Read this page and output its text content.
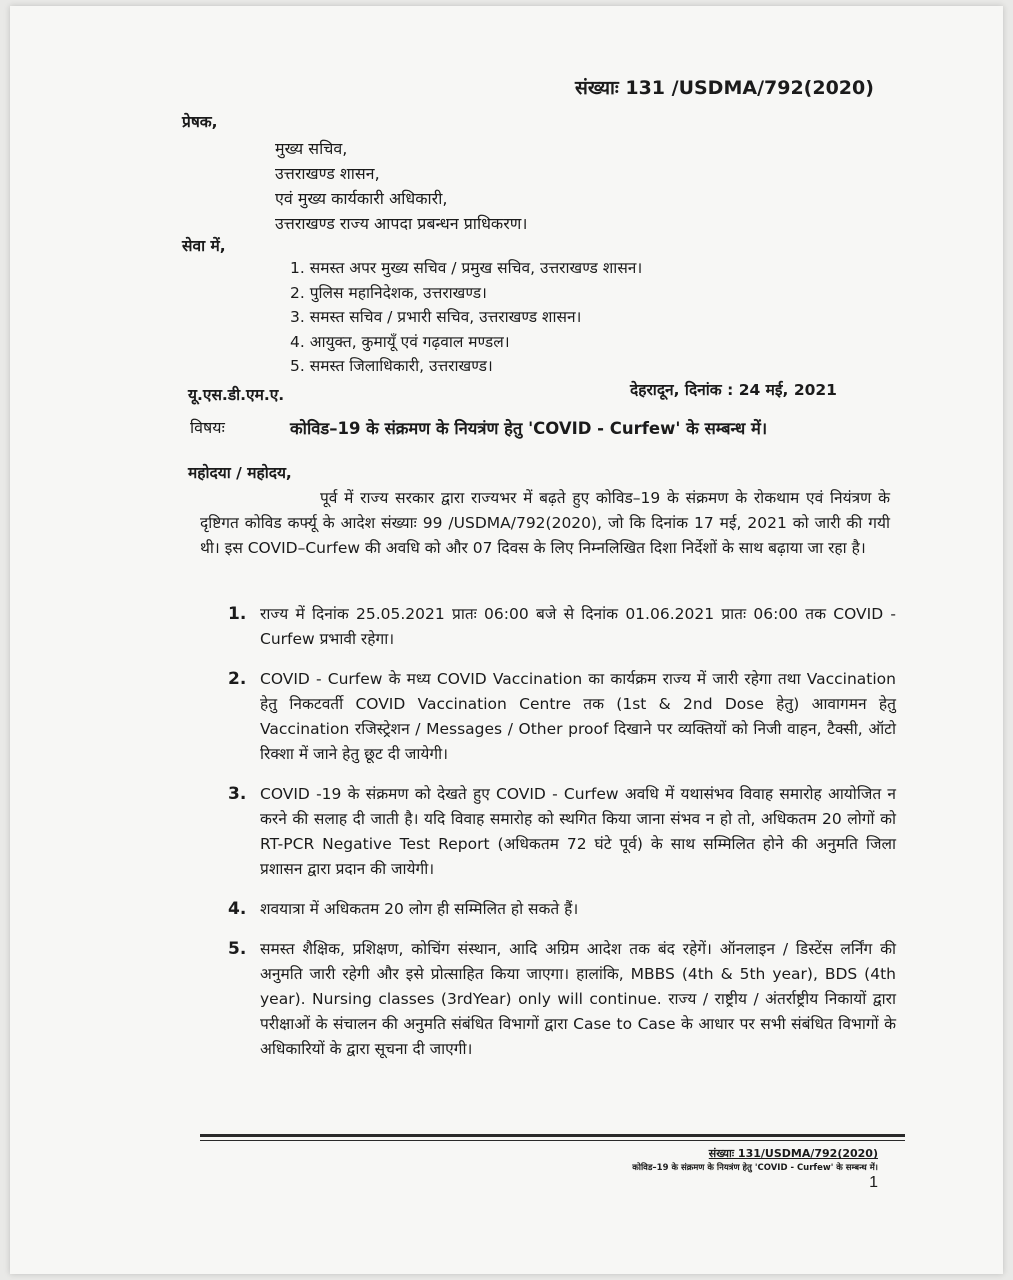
संख्याः 131 /USDMA/792(2020)
प्रेषक,
मुख्य सचिव,
उत्तराखण्ड शासन,
एवं मुख्य कार्यकारी अधिकारी,
उत्तराखण्ड राज्य आपदा प्रबन्धन प्राधिकरण।
सेवा में,
1. समस्त अपर मुख्य सचिव / प्रमुख सचिव, उत्तराखण्ड शासन।
2. पुलिस महानिदेशक, उत्तराखण्ड।
3. समस्त सचिव / प्रभारी सचिव, उत्तराखण्ड शासन।
4. आयुक्त, कुमायूँ एवं गढ़वाल मण्डल।
5. समस्त जिलाधिकारी, उत्तराखण्ड।
यू.एस.डी.एम.ए.	देहरादून, दिनांक : 24 मई, 2021
विषयः	कोविड–19 के संक्रमण के नियत्रंण हेतु 'COVID - Curfew' के सम्बन्ध में।
महोदया / महोदय,

पूर्व में राज्य सरकार द्वारा राज्यभर में बढ़ते हुए कोविड–19 के संक्रमण के रोकथाम एवं नियंत्रण के दृष्टिगत कोविड कर्फ्यू के आदेश संख्याः 99 /USDMA/792(2020), जो कि दिनांक 17 मई, 2021 को जारी की गयी थी। इस COVID–Curfew की अवधि को और 07 दिवस के लिए निम्नलिखित दिशा निर्देशों के साथ बढ़ाया जा रहा है।

1. राज्य में दिनांक 25.05.2021 प्रातः 06:00 बजे से दिनांक 01.06.2021 प्रातः 06:00 तक COVID - Curfew प्रभावी रहेगा।
2. COVID - Curfew के मध्य COVID Vaccination का कार्यक्रम राज्य में जारी रहेगा तथा Vaccination हेतु निकटवर्ती COVID Vaccination Centre तक (1st & 2nd Dose हेतु) आवागमन हेतु Vaccination रजिस्ट्रेशन / Messages / Other proof दिखाने पर व्यक्तियों को निजी वाहन, टैक्सी, ऑटो रिक्शा में जाने हेतु छूट दी जायेगी।
3. COVID -19 के संक्रमण को देखते हुए COVID - Curfew अवधि में यथासंभव विवाह समारोह आयोजित न करने की सलाह दी जाती है। यदि विवाह समारोह को स्थगित किया जाना संभव न हो तो, अधिकतम 20 लोगों को RT-PCR Negative Test Report (अधिकतम 72 घंटे पूर्व) के साथ सम्मिलित होने की अनुमति जिला प्रशासन द्वारा प्रदान की जायेगी।
4. शवयात्रा में अधिकतम 20 लोग ही सम्मिलित हो सकते हैं।
5. समस्त शैक्षिक, प्रशिक्षण, कोचिंग संस्थान, आदि अग्रिम आदेश तक बंद रहेगें। ऑनलाइन / डिस्टेंस लर्निंग की अनुमति जारी रहेगी और इसे प्रोत्साहित किया जाएगा। हालांकि, MBBS (4th & 5th year), BDS (4th year). Nursing classes (3rdYear) only will continue. राज्य / राष्ट्रीय / अंतर्राष्ट्रीय निकायों द्वारा परीक्षाओं के संचालन की अनुमति संबंधित विभागों द्वारा Case to Case के आधार पर सभी संबंधित विभागों के अधिकारियों के द्वारा सूचना दी जाएगी।
संख्याः 131/USDMA/792(2020)
कोविड–19 के संक्रमण के नियत्रंण हेतु 'COVID - Curfew' के सम्बन्ध में।
1
